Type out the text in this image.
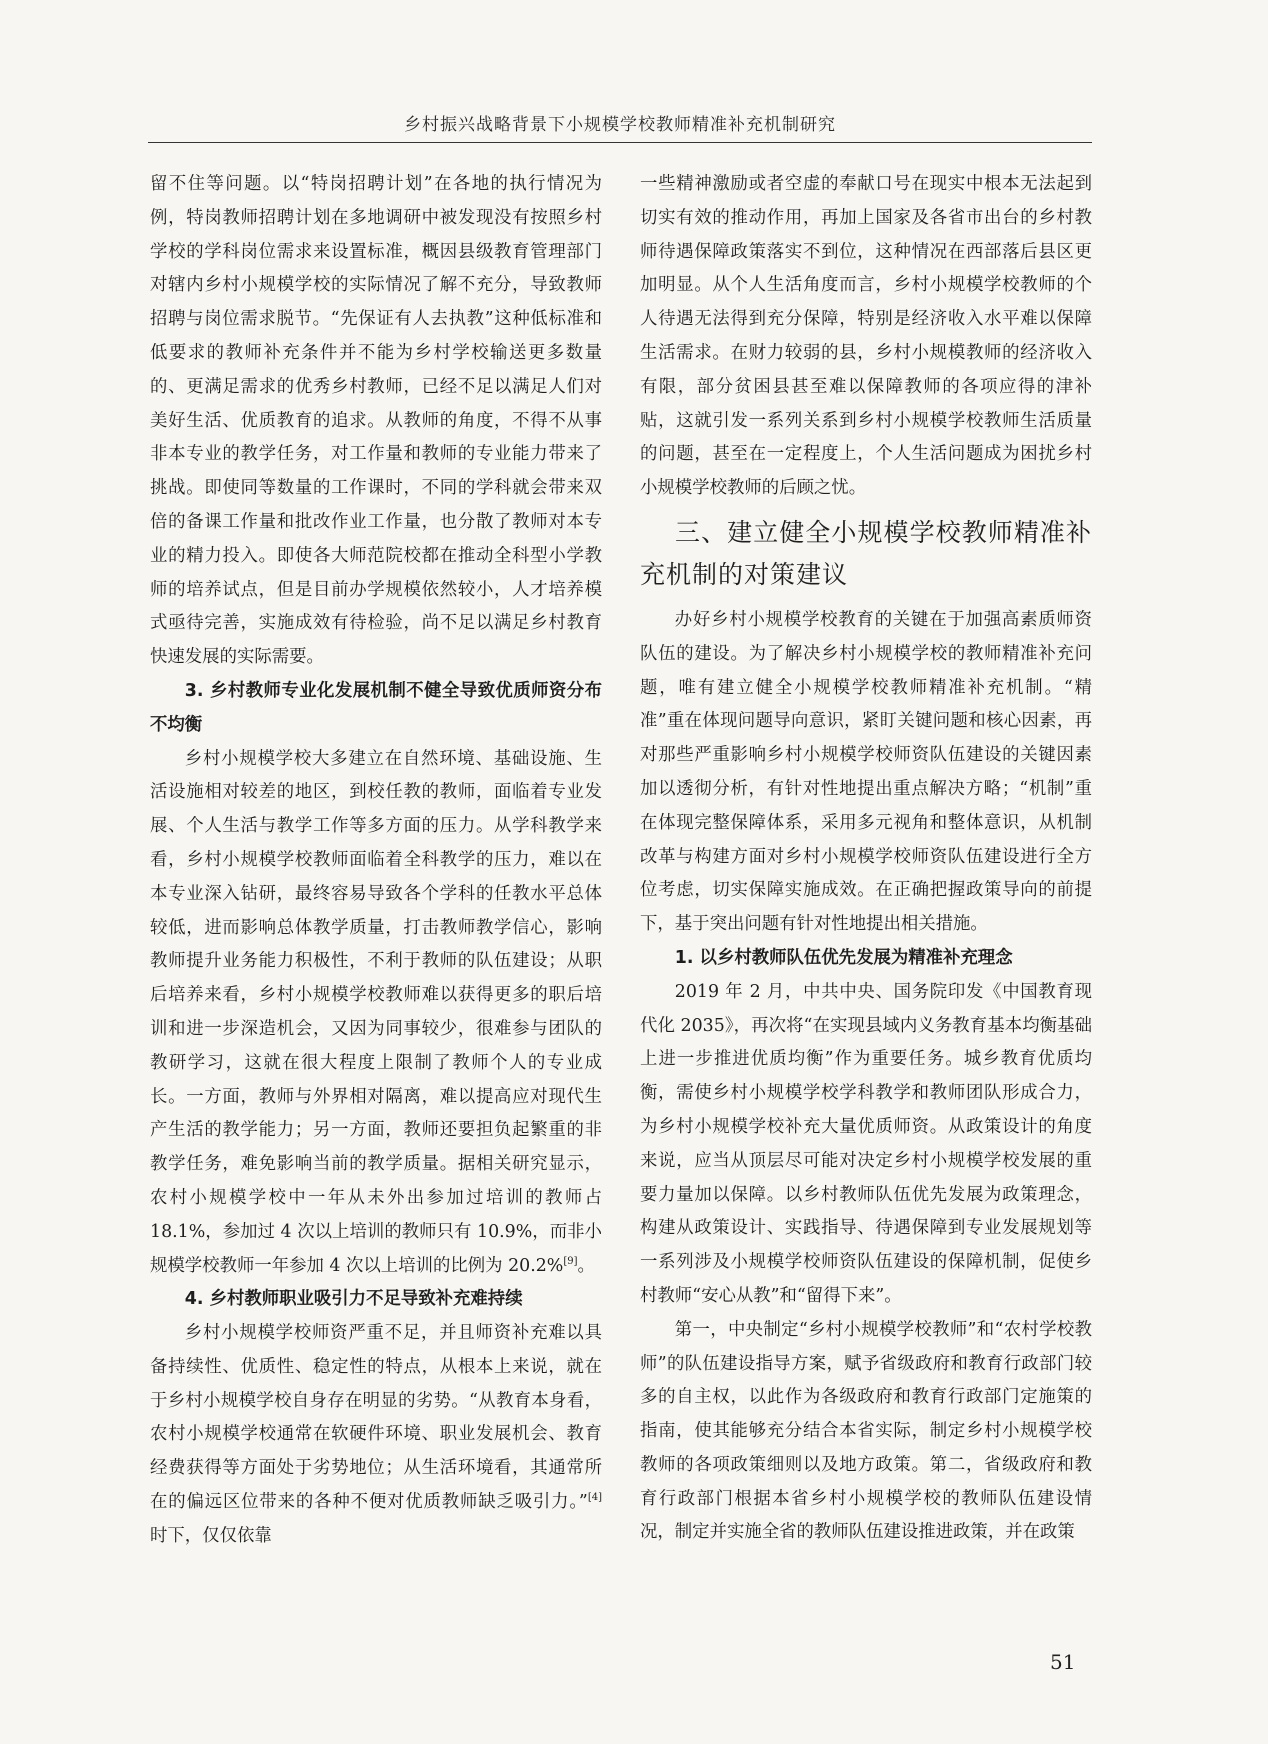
乡村振兴战略背景下小规模学校教师精准补充机制研究

留不住等问题。以“特岗招聘计划”在各地的执行情况为例，特岗教师招聘计划在多地调研中被发现没有按照乡村学校的学科岗位需求来设置标准，概因县级教育管理部门对辖内乡村小规模学校的实际情况了解不充分，导致教师招聘与岗位需求脱节。“先保证有人去执教”这种低标准和低要求的教师补充条件并不能为乡村学校输送更多数量的、更满足需求的优秀乡村教师，已经不足以满足人们对美好生活、优质教育的追求。从教师的角度，不得不从事非本专业的教学任务，对工作量和教师的专业能力带来了挑战。即使同等数量的工作课时，不同的学科就会带来双倍的备课工作量和批改作业工作量，也分散了教师对本专业的精力投入。即使各大师范院校都在推动全科型小学教师的培养试点，但是目前办学规模依然较小，人才培养模式亟待完善，实施成效有待检验，尚不足以满足乡村教育快速发展的实际需要。

3. 乡村教师专业化发展机制不健全导致优质师资分布不均衡

乡村小规模学校大多建立在自然环境、基础设施、生活设施相对较差的地区，到校任教的教师，面临着专业发展、个人生活与教学工作等多方面的压力。从学科教学来看，乡村小规模学校教师面临着全科教学的压力，难以在本专业深入钻研，最终容易导致各个学科的任教水平总体较低，进而影响总体教学质量，打击教师教学信心，影响教师提升业务能力积极性，不利于教师的队伍建设；从职后培养来看，乡村小规模学校教师难以获得更多的职后培训和进一步深造机会，又因为同事较少，很难参与团队的教研学习，这就在很大程度上限制了教师个人的专业成长。一方面，教师与外界相对隔离，难以提高应对现代生产生活的教学能力；另一方面，教师还要担负起繁重的非教学任务，难免影响当前的教学质量。据相关研究显示，农村小规模学校中一年从未外出参加过培训的教师占 18.1%，参加过 4 次以上培训的教师只有 10.9%，而非小规模学校教师一年参加 4 次以上培训的比例为 20.2%[9]。

4. 乡村教师职业吸引力不足导致补充难持续

乡村小规模学校师资严重不足，并且师资补充难以具备持续性、优质性、稳定性的特点，从根本上来说，就在于乡村小规模学校自身存在明显的劣势。“从教育本身看，农村小规模学校通常在软硬件环境、职业发展机会、教育经费获得等方面处于劣势地位；从生活环境看，其通常所在的偏远区位带来的各种不便对优质教师缺乏吸引力。”[4] 时下，仅仅依靠

一些精神激励或者空虚的奉献口号在现实中根本无法起到切实有效的推动作用，再加上国家及各省市出台的乡村教师待遇保障政策落实不到位，这种情况在西部落后县区更加明显。从个人生活角度而言，乡村小规模学校教师的个人待遇无法得到充分保障，特别是经济收入水平难以保障生活需求。在财力较弱的县，乡村小规模教师的经济收入有限，部分贫困县甚至难以保障教师的各项应得的津补贴，这就引发一系列关系到乡村小规模学校教师生活质量的问题，甚至在一定程度上，个人生活问题成为困扰乡村小规模学校教师的后顾之忧。

三、建立健全小规模学校教师精准补充机制的对策建议

办好乡村小规模学校教育的关键在于加强高素质师资队伍的建设。为了解决乡村小规模学校的教师精准补充问题，唯有建立健全小规模学校教师精准补充机制。“精准”重在体现问题导向意识，紧盯关键问题和核心因素，再对那些严重影响乡村小规模学校师资队伍建设的关键因素加以透彻分析，有针对性地提出重点解决方略；“机制”重在体现完整保障体系，采用多元视角和整体意识，从机制改革与构建方面对乡村小规模学校师资队伍建设进行全方位考虑，切实保障实施成效。在正确把握政策导向的前提下，基于突出问题有针对性地提出相关措施。

1. 以乡村教师队伍优先发展为精准补充理念

2019 年 2 月，中共中央、国务院印发《中国教育现代化 2035》，再次将“在实现县域内义务教育基本均衡基础上进一步推进优质均衡”作为重要任务。城乡教育优质均衡，需使乡村小规模学校学科教学和教师团队形成合力，为乡村小规模学校补充大量优质师资。从政策设计的角度来说，应当从顶层尽可能对决定乡村小规模学校发展的重要力量加以保障。以乡村教师队伍优先发展为政策理念，构建从政策设计、实践指导、待遇保障到专业发展规划等一系列涉及小规模学校师资队伍建设的保障机制，促使乡村教师“安心从教”和“留得下来”。

第一，中央制定“乡村小规模学校教师”和“农村学校教师”的队伍建设指导方案，赋予省级政府和教育行政部门较多的自主权，以此作为各级政府和教育行政部门定施策的指南，使其能够充分结合本省实际，制定乡村小规模学校教师的各项政策细则以及地方政策。第二，省级政府和教育行政部门根据本省乡村小规模学校的教师队伍建设情况，制定并实施全省的教师队伍建设推进政策，并在政策

51
